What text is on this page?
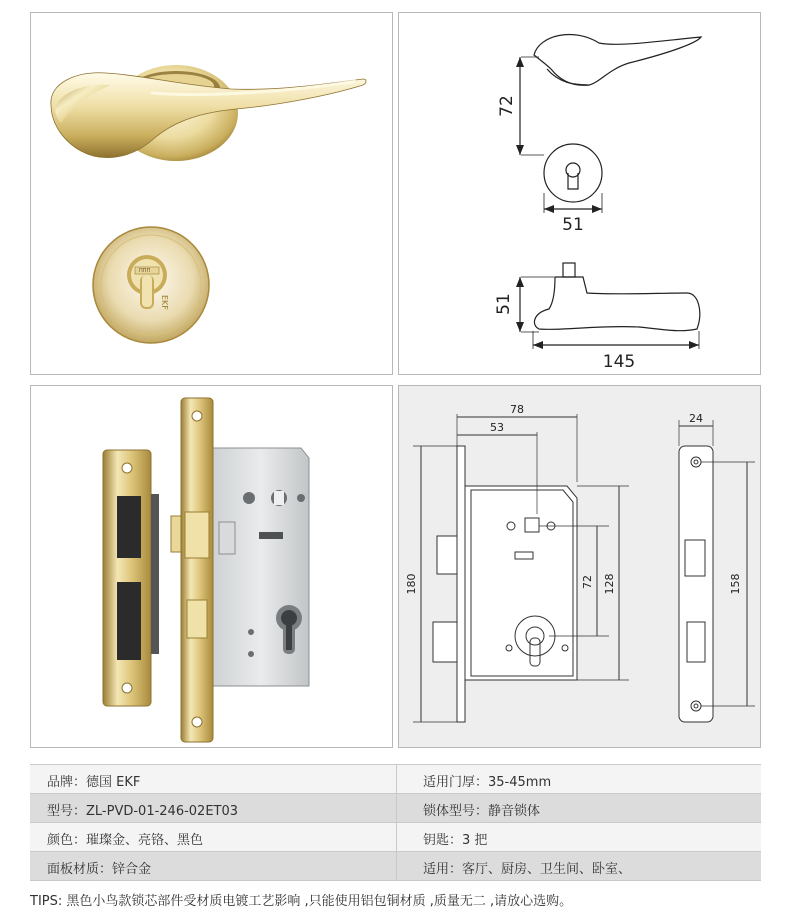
ΠΠΠ
EKF
72
51
51
145
78
53
180	72 128
24
158
品牌：德国 EKF	适用门厚：35-45mm
型号：ZL-PVD-01-246-02ET03	锁体型号：静音锁体
颜色：璀璨金、亮铬、黑色	钥匙：3 把
面板材质：锌合金	适用：客厅、厨房、卫生间、卧室、
TIPS: 黑色小鸟款锁芯部件受材质电镀工艺影响 ,只能使用铝包铜材质 ,质量无二 ,请放心选购。
